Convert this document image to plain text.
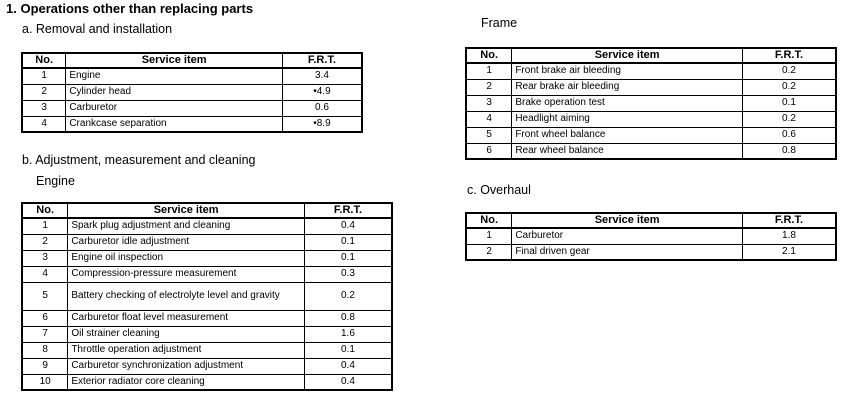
1. Operations other than replacing parts
a. Removal and installation
No.	Service item	F.R.T.
1	Engine	3.4
2	Cylinder head	•4.9
3	Carburetor	0.6
4	Crankcase separation	•8.9
b. Adjustment, measurement and cleaning
Engine
No.	Service item	F.R.T.
1	Spark plug adjustment and cleaning	0.4
2	Carburetor idle adjustment	0.1
3	Engine oil inspection	0.1
4	Compression-pressure measurement	0.3
5	Battery checking of electrolyte level and gravity	0.2
6	Carburetor float level measurement	0.8
7	Oil strainer cleaning	1.6
8	Throttle operation adjustment	0.1
9	Carburetor synchronization adjustment	0.4
10	Exterior radiator core cleaning	0.4
Frame
No.	Service item	F.R.T.
1	Front brake air bleeding	0.2
2	Rear brake air bleeding	0.2
3	Brake operation test	0.1
4	Headlight aiming	0.2
5	Front wheel balance	0.6
6	Rear wheel balance	0.8
c. Overhaul
No.	Service item	F.R.T.
1	Carburetor	1.8
2	Final driven gear	2.1
